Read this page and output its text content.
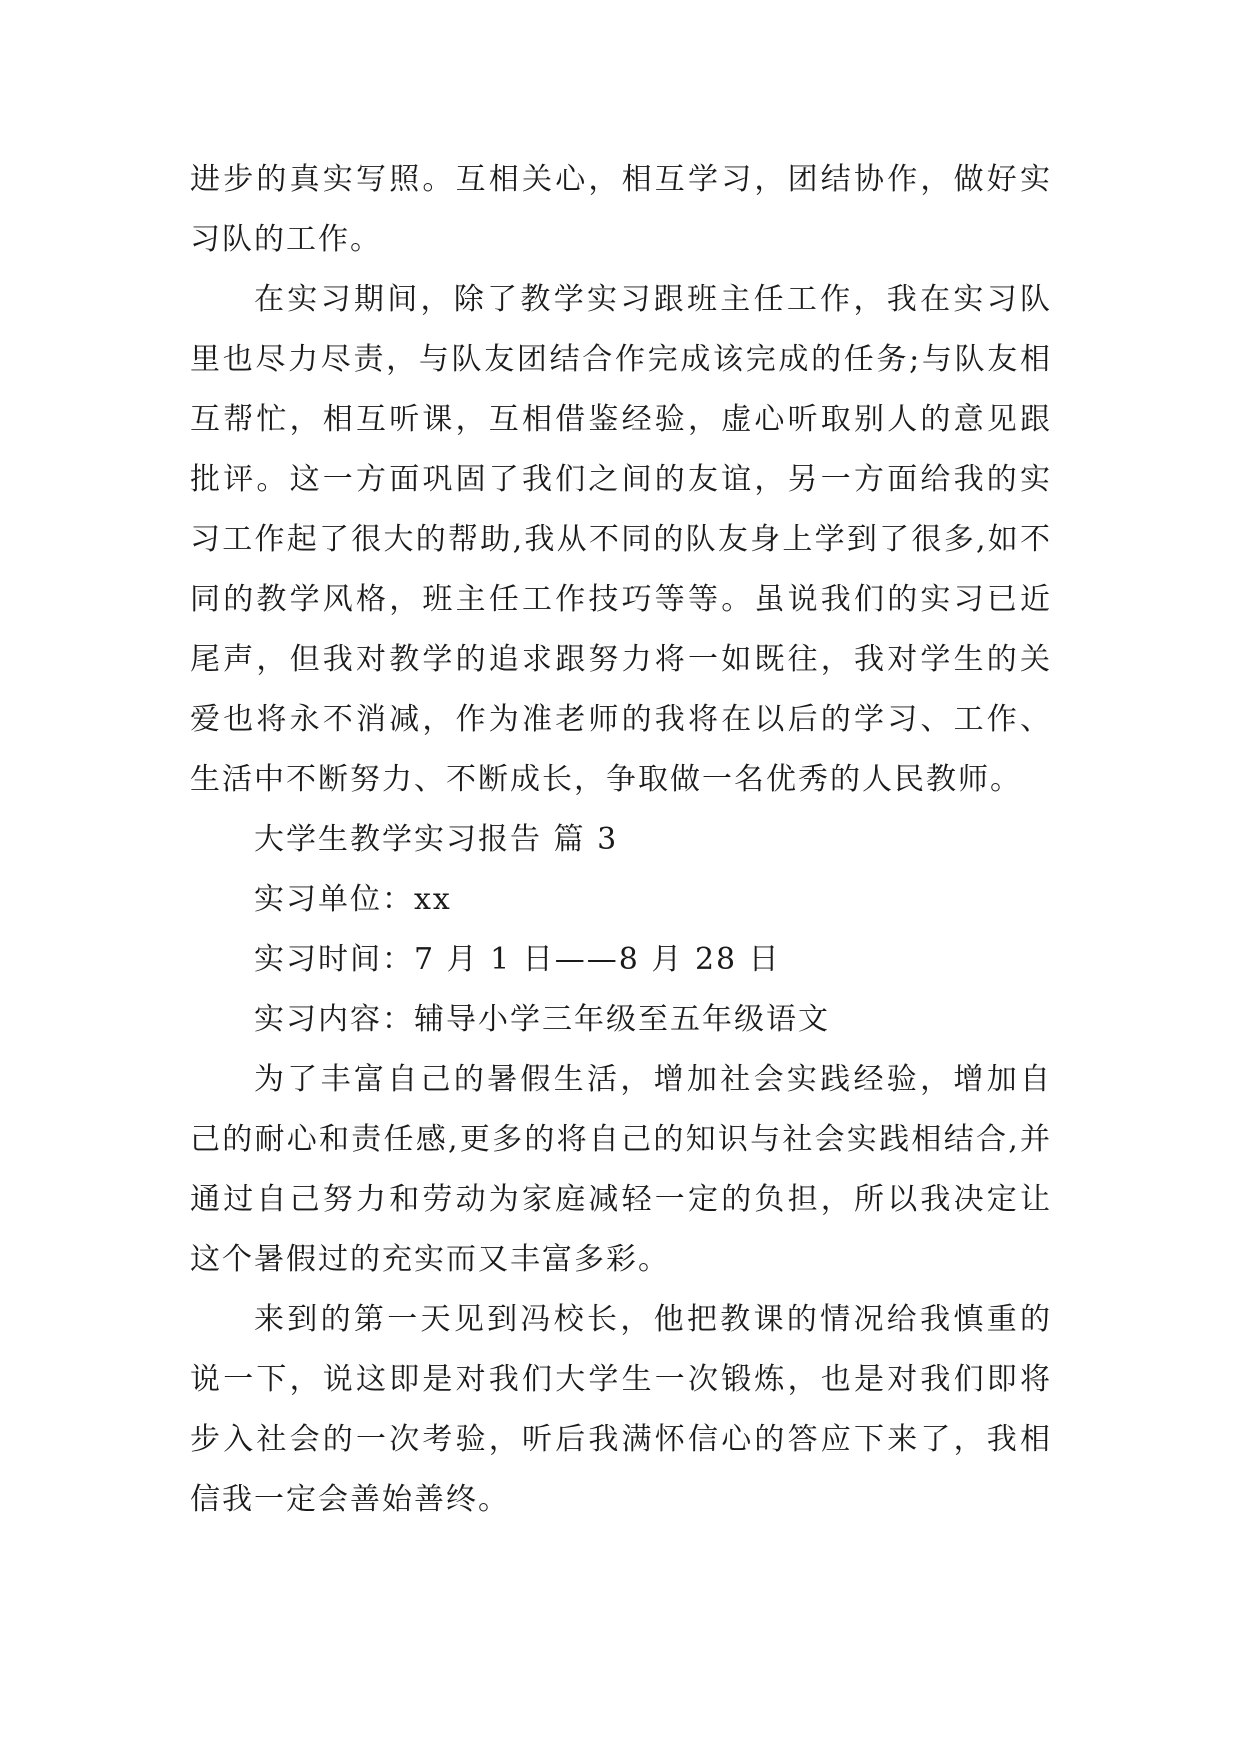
进步的真实写照。互相关心，相互学习，团结协作，做好实习队的工作。

在实习期间，除了教学实习跟班主任工作，我在实习队里也尽力尽责，与队友团结合作完成该完成的任务;与队友相互帮忙，相互听课，互相借鉴经验，虚心听取别人的意见跟批评。这一方面巩固了我们之间的友谊，另一方面给我的实习工作起了很大的帮助,我从不同的队友身上学到了很多,如不同的教学风格，班主任工作技巧等等。虽说我们的实习已近尾声，但我对教学的追求跟努力将一如既往，我对学生的关爱也将永不消减，作为准老师的我将在以后的学习、工作、生活中不断努力、不断成长，争取做一名优秀的人民教师。

大学生教学实习报告 篇 3

实习单位：xx

实习时间：7 月 1 日——8 月 28 日

实习内容：辅导小学三年级至五年级语文

为了丰富自己的暑假生活，增加社会实践经验，增加自己的耐心和责任感,更多的将自己的知识与社会实践相结合,并通过自己努力和劳动为家庭减轻一定的负担，所以我决定让这个暑假过的充实而又丰富多彩。

来到的第一天见到冯校长，他把教课的情况给我慎重的说一下，说这即是对我们大学生一次锻炼，也是对我们即将步入社会的一次考验，听后我满怀信心的答应下来了，我相信我一定会善始善终。
